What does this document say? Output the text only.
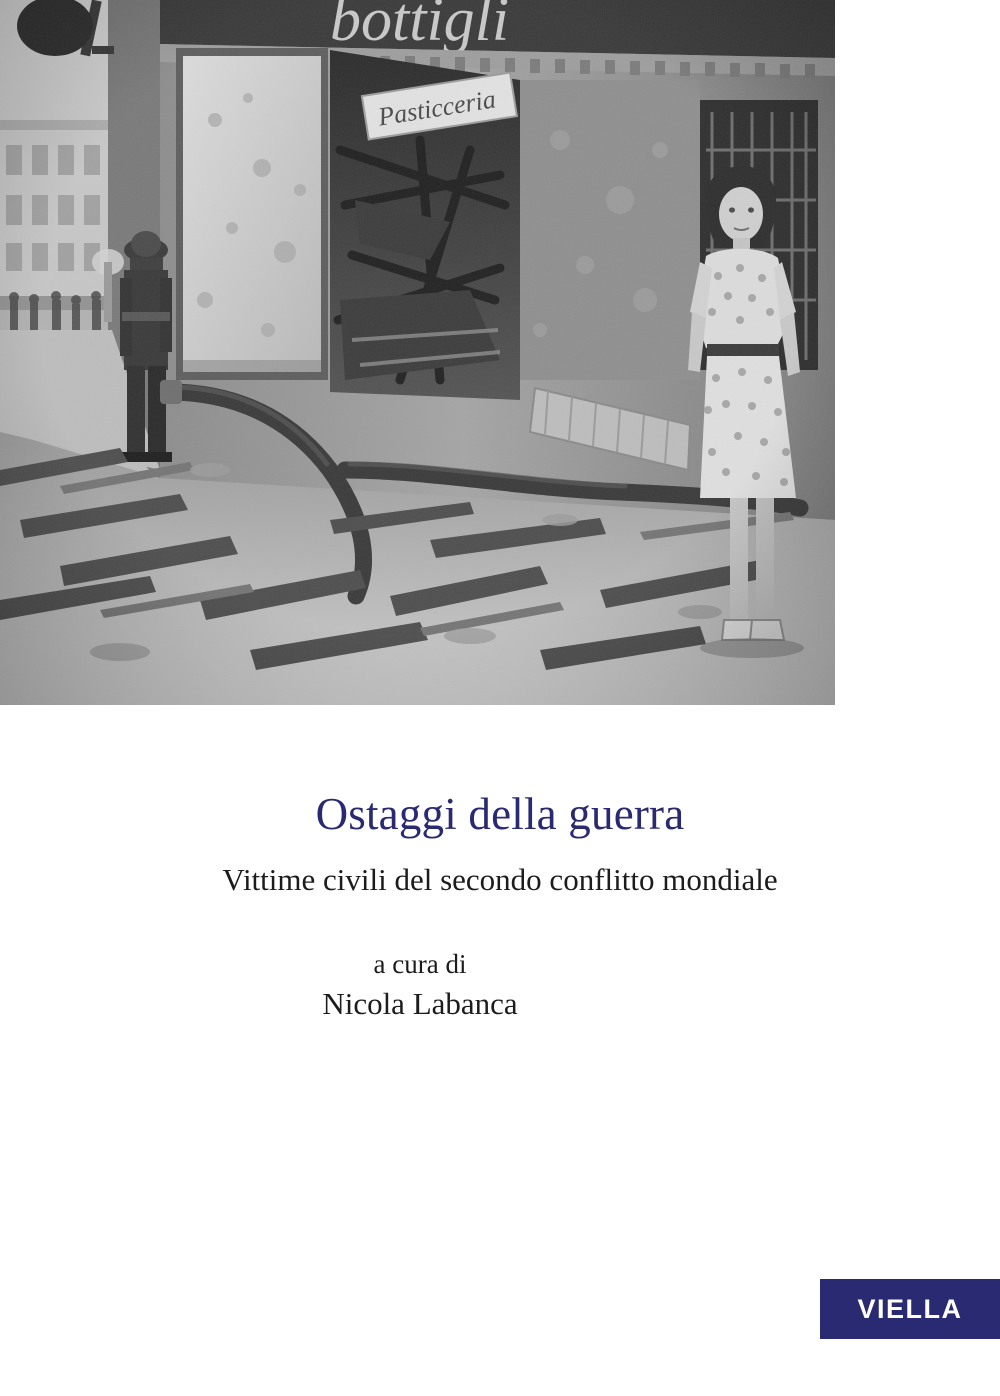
Ostaggi della guerra
Vittime civili del secondo conflitto mondiale
a cura di
Nicola Labanca
VIELLA
